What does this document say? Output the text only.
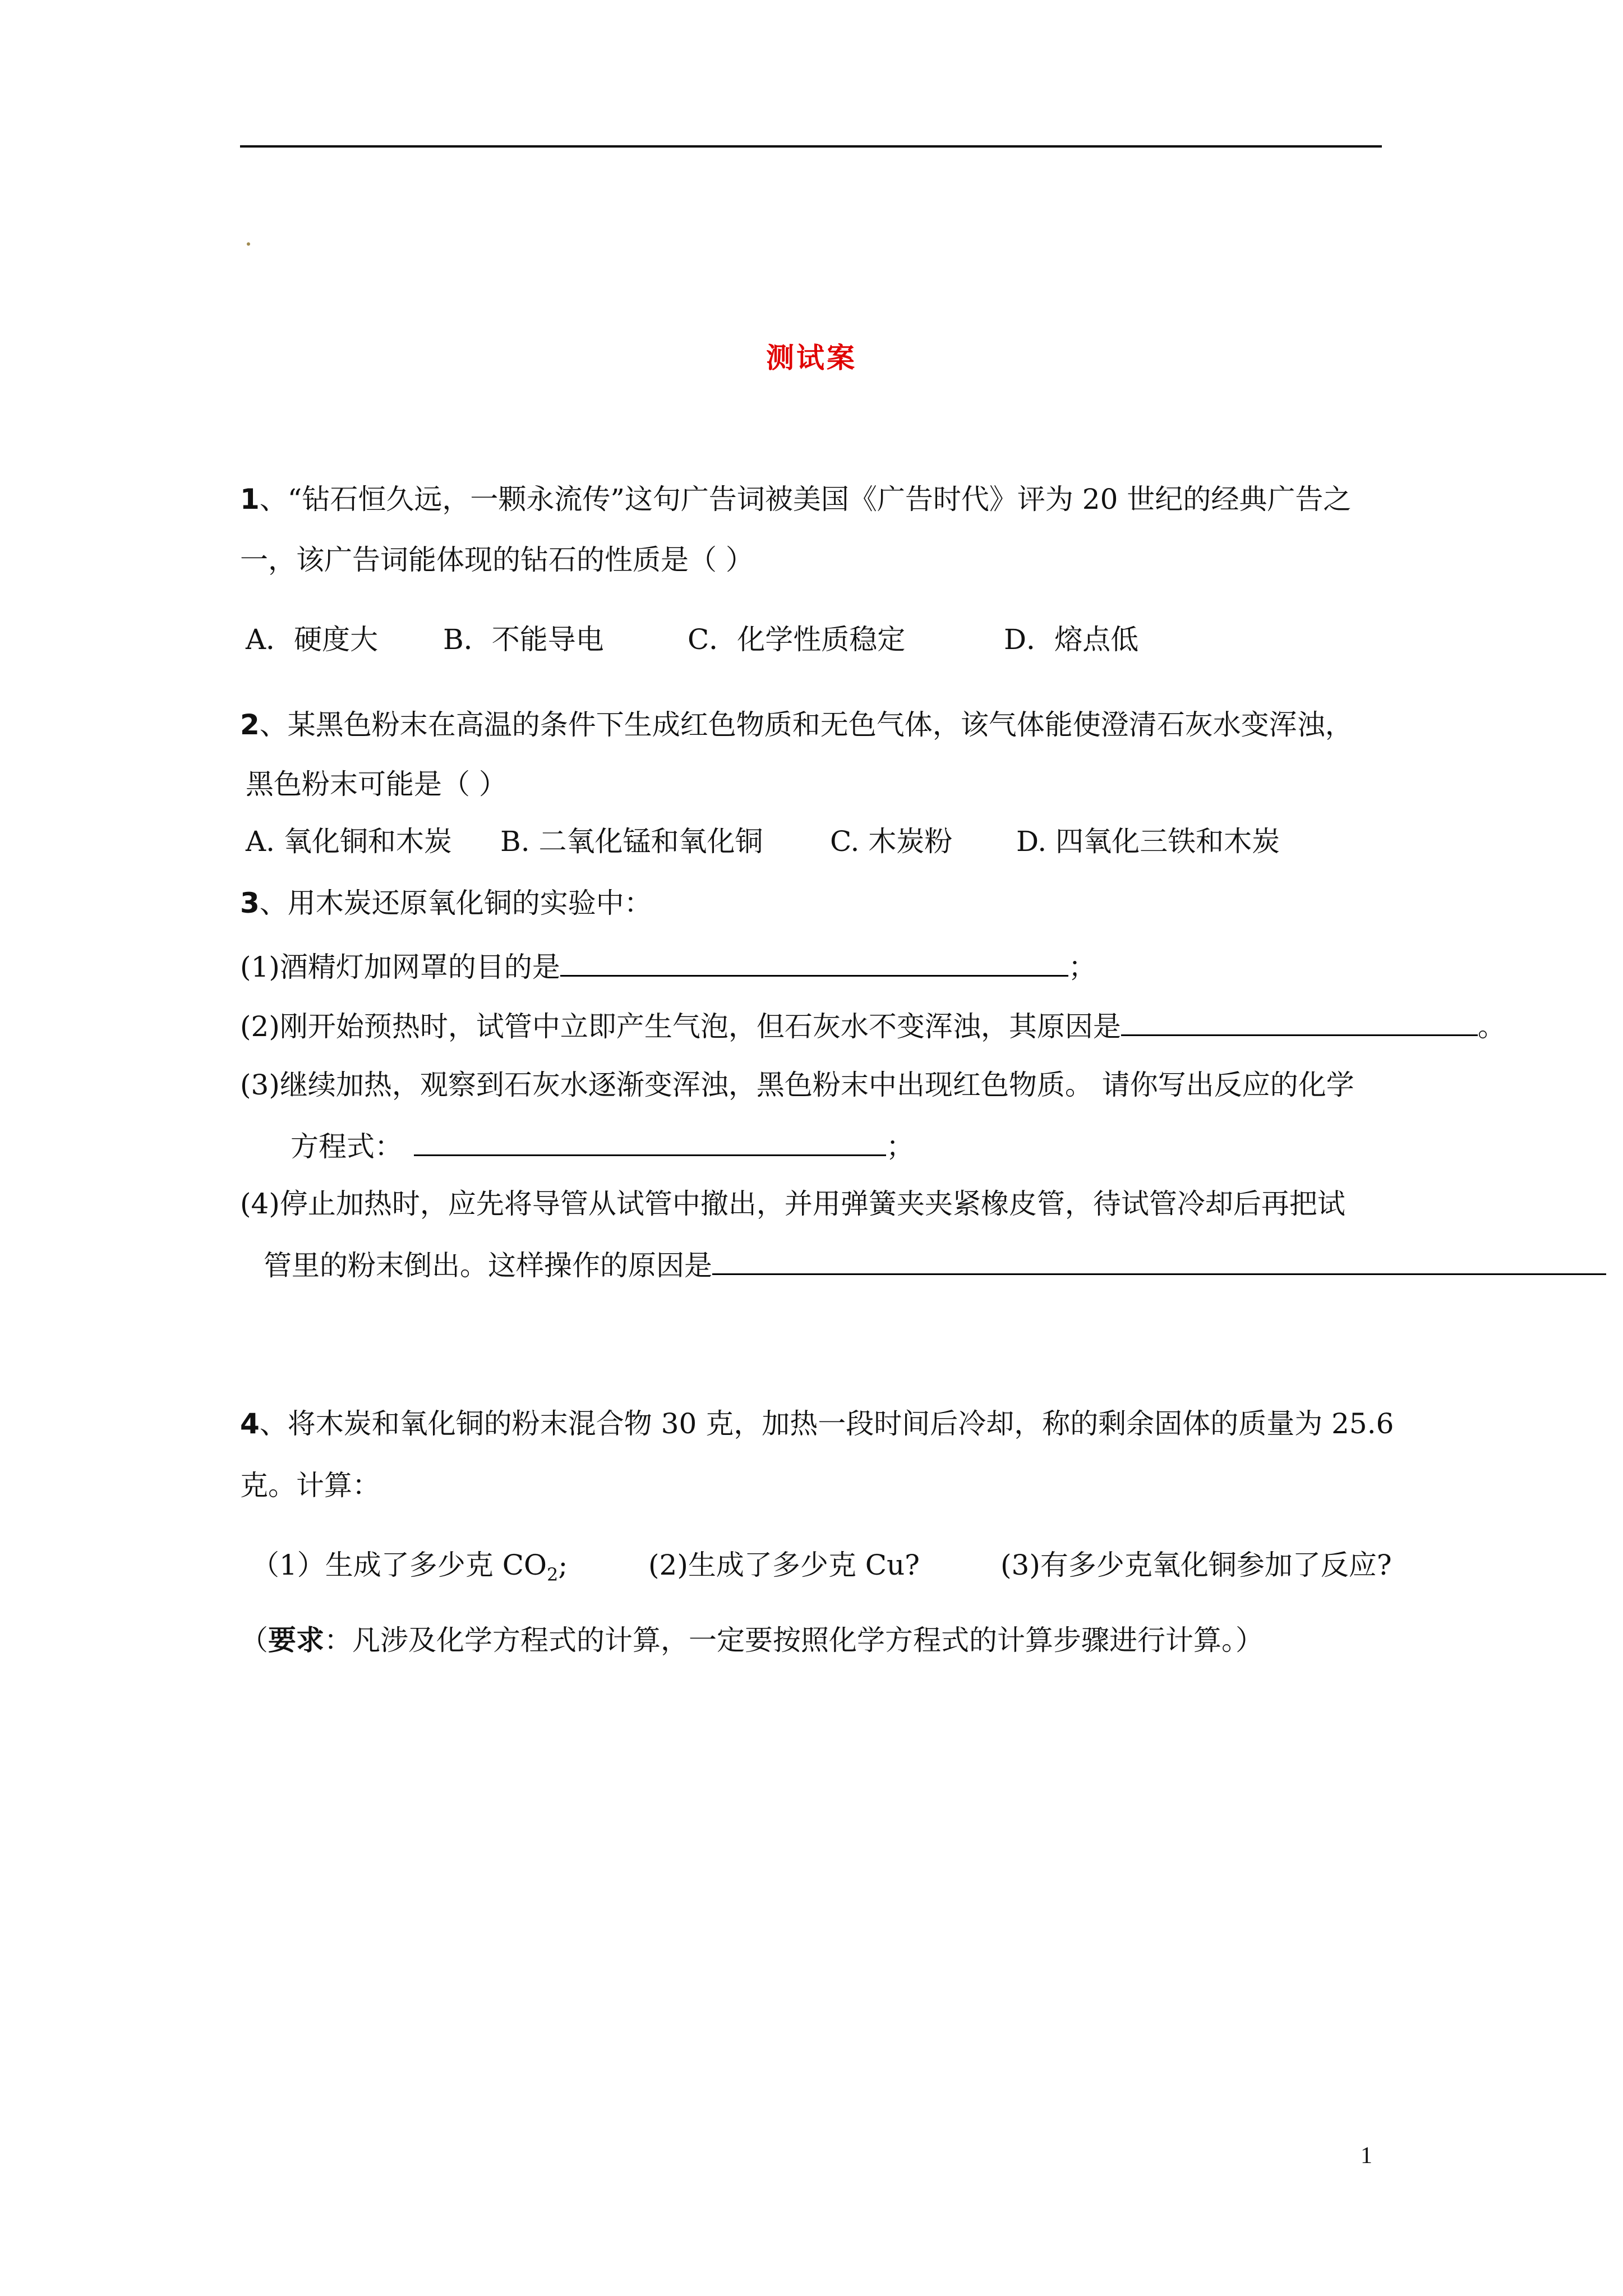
测试案
1、“钻石恒久远，一颗永流传”这句广告词被美国《广告时代》评为 20 世纪的经典广告之
一，该广告词能体现的钻石的性质是（ ）
A．硬度大 B．不能导电	C．化学性质稳定	D．熔点低
2、某黑色粉末在高温的条件下生成红色物质和无色气体，该气体能使澄清石灰水变浑浊，
黑色粉末可能是（ ）
A. 氧化铜和木炭 B. 二氧化锰和氧化铜 C. 木炭粉 D. 四氧化三铁和木炭
3、用木炭还原氧化铜的实验中：
(1)酒精灯加网罩的目的是	；
(2)刚开始预热时，试管中立即产生气泡，但石灰水不变浑浊，其原因是	。
(3)继续加热，观察到石灰水逐渐变浑浊，黑色粉末中出现红色物质。 请你写出反应的化学
方程式：	；
(4)停止加热时，应先将导管从试管中撤出，并用弹簧夹夹紧橡皮管，待试管冷却后再把试
管里的粉末倒出。这样操作的原因是
4、将木炭和氧化铜的粉末混合物 30 克，加热一段时间后冷却，称的剩余固体的质量为 25.6
克。计算：
（1）生成了多少克 $CO_2$;	(2)生成了多少克 Cu?	(3)有多少克氧化铜参加了反应?
（要求：凡涉及化学方程式的计算，一定要按照化学方程式的计算步骤进行计算。）
1
